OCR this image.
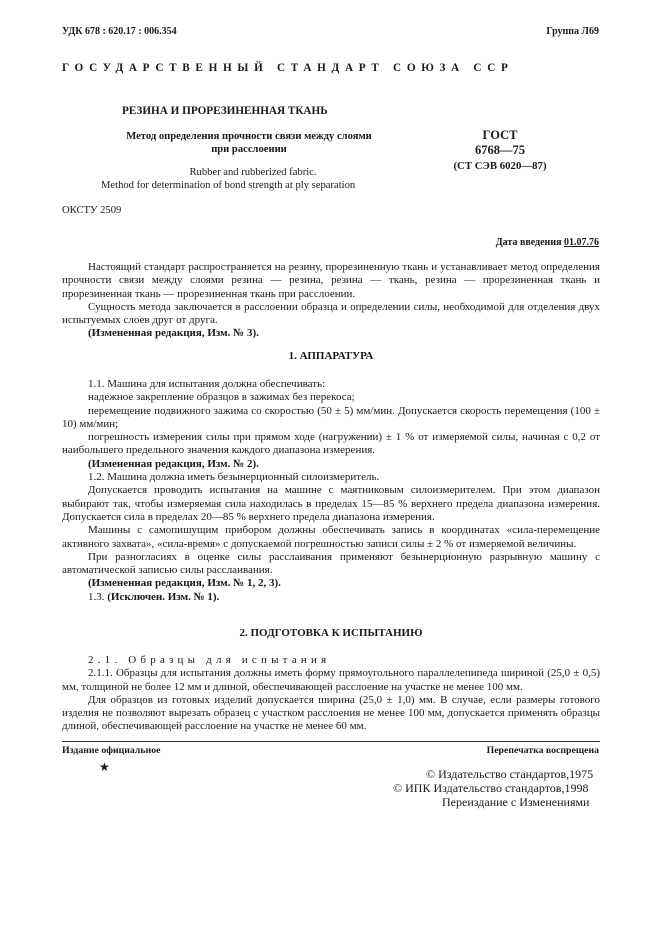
УДК 678 : 620.17 : 006.354	Группа Л69
ГОСУДАРСТВЕННЫЙ СТАНДАРТ СОЮЗА ССР
РЕЗИНА И ПРОРЕЗИНЕННАЯ ТКАНЬ
Метод определения прочности связи между слоями
при расслоении
Rubber and rubberized fabric.
Method for determination of bond strength at ply separation
ГОСТ
6768—75
(СТ СЭВ 6020—87)
ОКСТУ 2509
Дата введения 01.07.76

Настоящий стандарт распространяется на резину, прорезиненную ткань и устанавливает метод определения прочности связи между слоями резина — резина, резина — ткань, резина — прорезиненная ткань и прорезиненная ткань — прорезиненная ткань при расслоении.

Сущность метода заключается в расслоении образца и определении силы, необходимой для отделения двух испытуемых слоев друг от друга.

(Измененная редакция, Изм. № 3).

1. АППАРАТУРА

1.1. Машина для испытания должна обеспечивать:

надежное закрепление образцов в зажимах без перекоса;

перемещение подвижного зажима со скоростью (50 ± 5) мм/мин. Допускается скорость перемещения (100 ± 10) мм/мин;

погрешность измерения силы при прямом ходе (нагружении) ± 1 % от измеряемой силы, начиная с 0,2 от наибольшего предельного значения каждого диапазона измерения.

(Измененная редакция, Изм. № 2).

1.2. Машина должна иметь безынерционный силоизмеритель.

Допускается проводить испытания на машине с маятниковым силоизмерителем. При этом диапазон выбирают так, чтобы измеряемая сила находилась в пределах 15—85 % верхнего предела диапазона измерения. Допускается сила в пределах 20—85 % верхнего предела диапазона измерения.

Машины с самопишущим прибором должны обеспечивать запись в координатах «сила-перемещение активного захвата», «сила-время» с допускаемой погрешностью записи силы ± 2 % от измеряемой величины.

При разногласиях в оценке силы расслаивания применяют безынерционную разрывную машину с автоматической записью силы расслаивания.

(Измененная редакция, Изм. № 1, 2, 3).

1.3. (Исключен. Изм. № 1).

2. ПОДГОТОВКА К ИСПЫТАНИЮ

2.1. Образцы для испытания

2.1.1. Образцы для испытания должны иметь форму прямоугольного параллелепипеда шириной (25,0 ± 0,5) мм, толщиной не более 12 мм и длиной, обеспечивающей расслоение на участке не менее 100 мм.

Для образцов из готовых изделий допускается ширина (25,0 ± 1,0) мм. В случае, если размеры готового изделия не позволяют вырезать образец с участком расслоения не менее 100 мм, допускается применять образцы длиной, обеспечивающей расслоение на участке не менее 60 мм.

Издание официальное	Перепечатка воспрещена
★	© Издательство стандартов,1975
© ИПК Издательство стандартов,1998
Переиздание с Изменениями
